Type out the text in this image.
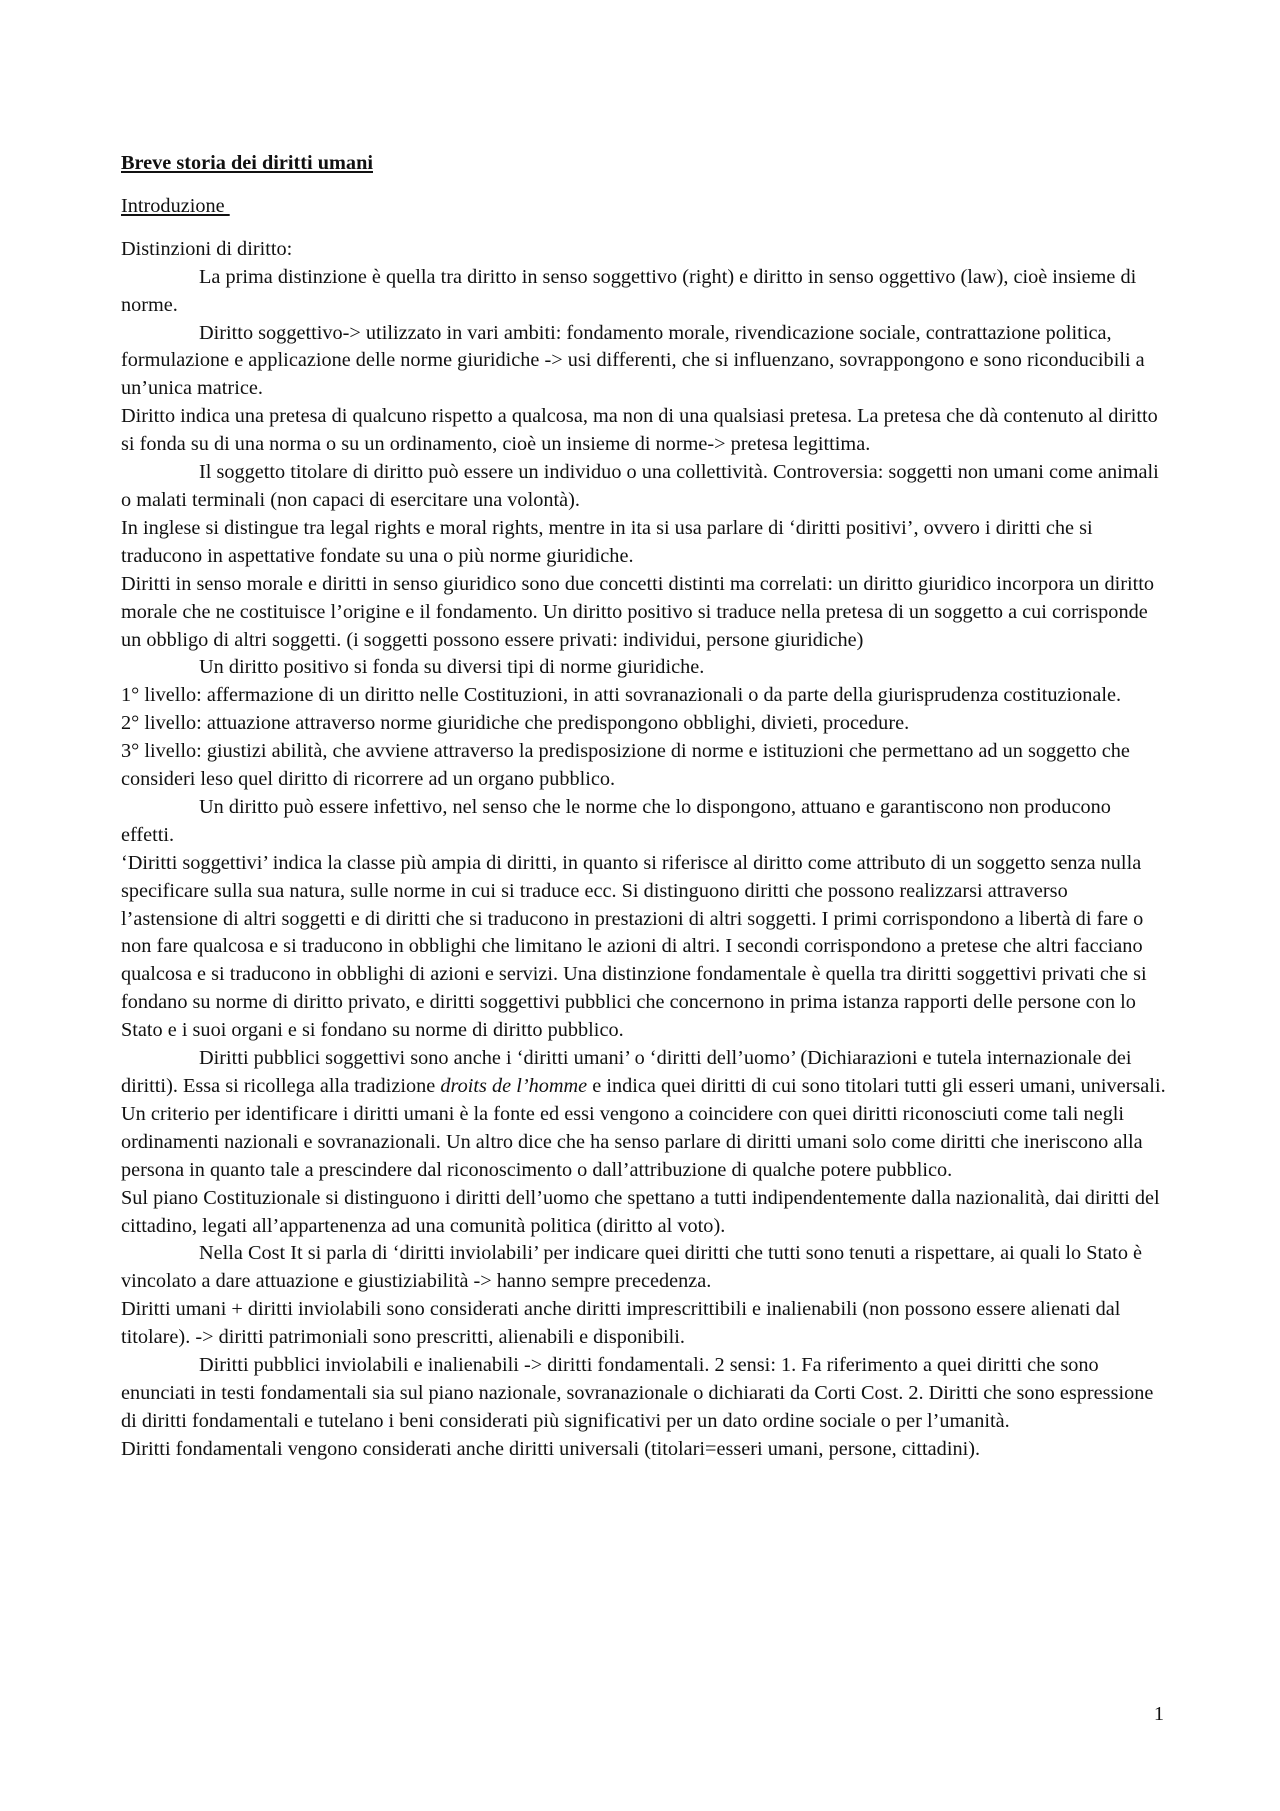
Breve storia dei diritti umani
Introduzione

Distinzioni di diritto:

La prima distinzione è quella tra diritto in senso soggettivo (right) e diritto in senso oggettivo (law), cioè insieme di norme.

Diritto soggettivo-> utilizzato in vari ambiti: fondamento morale, rivendicazione sociale, contrattazione politica, formulazione e applicazione delle norme giuridiche -> usi differenti, che si influenzano, sovrappongono e sono riconducibili a un’unica matrice.

Diritto indica una pretesa di qualcuno rispetto a qualcosa, ma non di una qualsiasi pretesa. La pretesa che dà contenuto al diritto si fonda su di una norma o su un ordinamento, cioè un insieme di norme-> pretesa legittima.

Il soggetto titolare di diritto può essere un individuo o una collettività. Controversia: soggetti non umani come animali o malati terminali (non capaci di esercitare una volontà).

In inglese si distingue tra legal rights e moral rights, mentre in ita si usa parlare di ‘diritti positivi’, ovvero i diritti che si traducono in aspettative fondate su una o più norme giuridiche.

Diritti in senso morale e diritti in senso giuridico sono due concetti distinti ma correlati: un diritto giuridico incorpora un diritto morale che ne costituisce l’origine e il fondamento. Un diritto positivo si traduce nella pretesa di un soggetto a cui corrisponde un obbligo di altri soggetti. (i soggetti possono essere privati: individui, persone giuridiche)

Un diritto positivo si fonda su diversi tipi di norme giuridiche.

1° livello: affermazione di un diritto nelle Costituzioni, in atti sovranazionali o da parte della giurisprudenza costituzionale.

2° livello: attuazione attraverso norme giuridiche che predispongono obblighi, divieti, procedure.

3° livello: giustizi abilità, che avviene attraverso la predisposizione di norme e istituzioni che permettano ad un soggetto che consideri leso quel diritto di ricorrere ad un organo pubblico.

Un diritto può essere infettivo, nel senso che le norme che lo dispongono, attuano e garantiscono non producono effetti.

‘Diritti soggettivi’ indica la classe più ampia di diritti, in quanto si riferisce al diritto come attributo di un soggetto senza nulla specificare sulla sua natura, sulle norme in cui si traduce ecc. Si distinguono diritti che possono realizzarsi attraverso l’astensione di altri soggetti e di diritti che si traducono in prestazioni di altri soggetti. I primi corrispondono a libertà di fare o non fare qualcosa e si traducono in obblighi che limitano le azioni di altri. I secondi corrispondono a pretese che altri facciano qualcosa e si traducono in obblighi di azioni e servizi. Una distinzione fondamentale è quella tra diritti soggettivi privati che si fondano su norme di diritto privato, e diritti soggettivi pubblici che concernono in prima istanza rapporti delle persone con lo Stato e i suoi organi e si fondano su norme di diritto pubblico.

Diritti pubblici soggettivi sono anche i ‘diritti umani’ o ‘diritti dell’uomo’ (Dichiarazioni e tutela internazionale dei diritti). Essa si ricollega alla tradizione droits de l’homme e indica quei diritti di cui sono titolari tutti gli esseri umani, universali. Un criterio per identificare i diritti umani è la fonte ed essi vengono a coincidere con quei diritti riconosciuti come tali negli ordinamenti nazionali e sovranazionali. Un altro dice che ha senso parlare di diritti umani solo come diritti che ineriscono alla persona in quanto tale a prescindere dal riconoscimento o dall’attribuzione di qualche potere pubblico.

Sul piano Costituzionale si distinguono i diritti dell’uomo che spettano a tutti indipendentemente dalla nazionalità, dai diritti del cittadino, legati all’appartenenza ad una comunità politica (diritto al voto).

Nella Cost It si parla di ‘diritti inviolabili’ per indicare quei diritti che tutti sono tenuti a rispettare, ai quali lo Stato è vincolato a dare attuazione e giustiziabilità -> hanno sempre precedenza.

Diritti umani + diritti inviolabili sono considerati anche diritti imprescrittibili e inalienabili (non possono essere alienati dal titolare). -> diritti patrimoniali sono prescritti, alienabili e disponibili.

Diritti pubblici inviolabili e inalienabili -> diritti fondamentali. 2 sensi: 1. Fa riferimento a quei diritti che sono enunciati in testi fondamentali sia sul piano nazionale, sovranazionale o dichiarati da Corti Cost. 2. Diritti che sono espressione di diritti fondamentali e tutelano i beni considerati più significativi per un dato ordine sociale o per l’umanità.

Diritti fondamentali vengono considerati anche diritti universali (titolari=esseri umani, persone, cittadini).

1
